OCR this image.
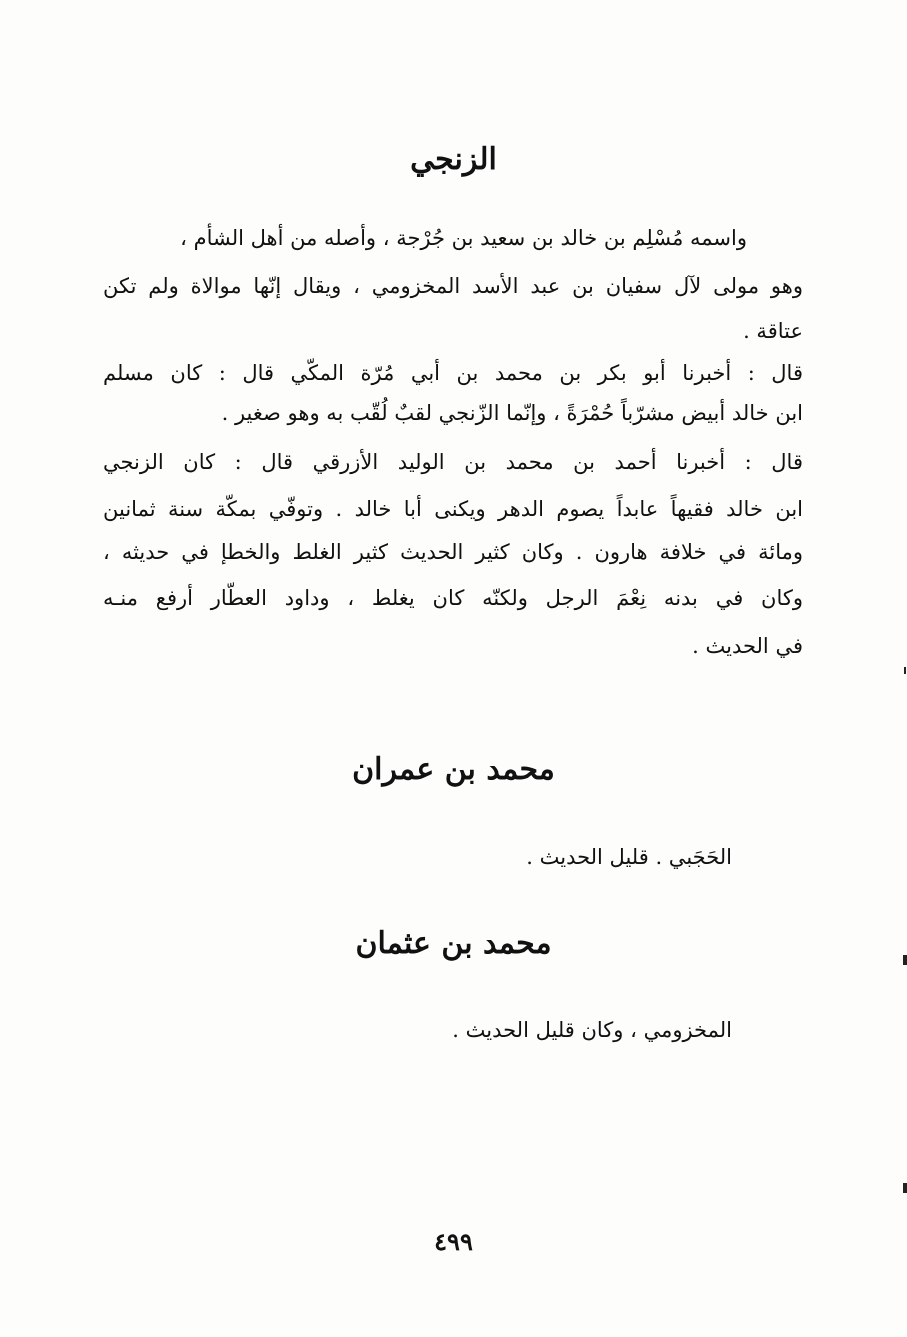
الزنجي
واسمه مُسْلِم بن خالد بن سعيد بن جُرْجة ، وأصله من أهل الشأم ،
وهو مولى لآل سفيان بن عبد الأسد المخزومي ، ويقال إنّها موالاة ولم تكن
عتاقة .
قال : أخبرنا أبو بكر بن محمد بن أبي مُرّة المكّي قال : كان مسلم
ابن خالد أبيض مشرّباً حُمْرَةً ، وإنّما الزّنجي لقبٌ لُقّب به وهو صغير .
قال : أخبرنا أحمد بن محمد بن الوليد الأزرقي قال : كان الزنجي
ابن خالد فقيهاً عابداً يصوم الدهر ويكنى أبا خالد . وتوفّي بمكّة سنة ثمانين
ومائة في خلافة هارون . وكان كثير الحديث كثير الغلط والخطإ في حديثه ،
وكان في بدنه نِعْمَ الرجل ولكنّه كان يغلط ، وداود العطّار أرفع منـه
في الحديث .
محمد بن عمران
الحَجَبي . قليل الحديث .
محمد بن عثمان
المخزومي ، وكان قليل الحديث .
٤٩٩
